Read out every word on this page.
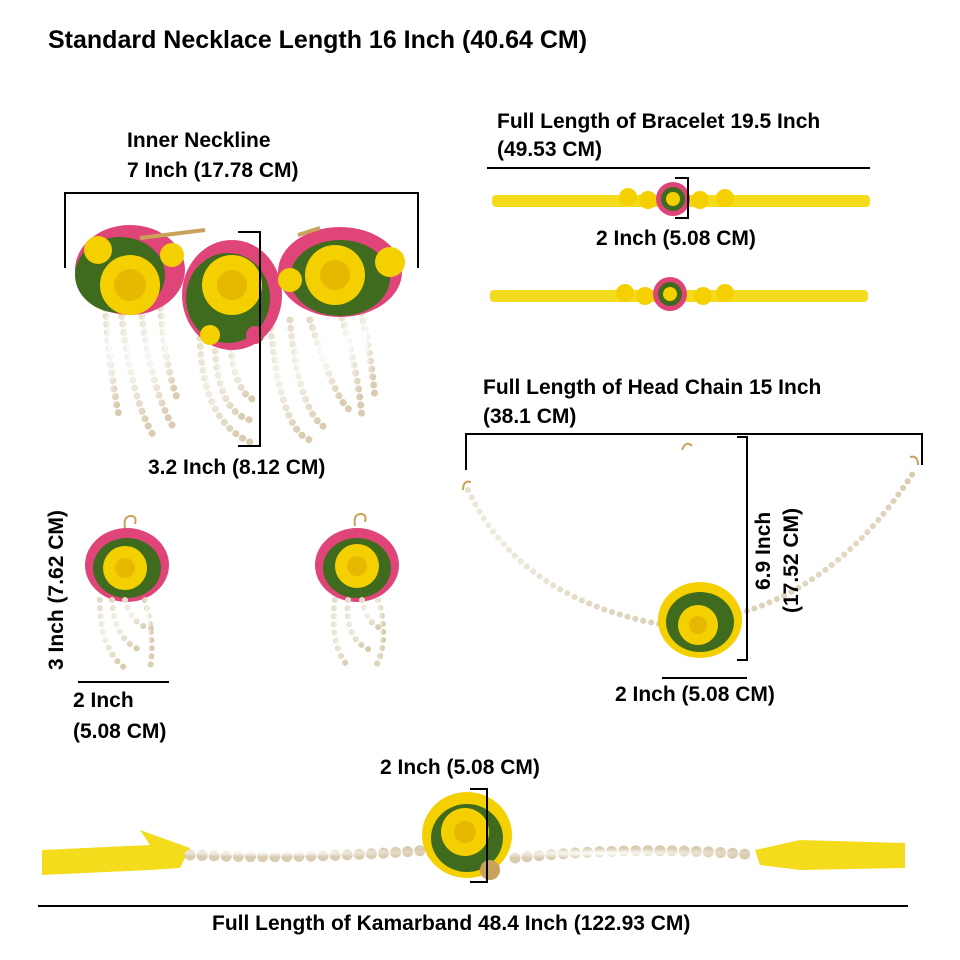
Standard Necklace Length 16 Inch (40.64 CM)
Inner Neckline
7 Inch (17.78 CM)
3.2 Inch (8.12 CM)
Full Length of Bracelet 19.5 Inch
(49.53 CM)
2 Inch (5.08 CM)
Full Length of Head Chain 15 Inch
(38.1 CM)
6.9 Inch (17.52 CM)
2 Inch (5.08 CM)
3 Inch (7.62 CM)
2 Inch
(5.08 CM)
2 Inch (5.08 CM)
Full Length of Kamarband 48.4 Inch (122.93 CM)
